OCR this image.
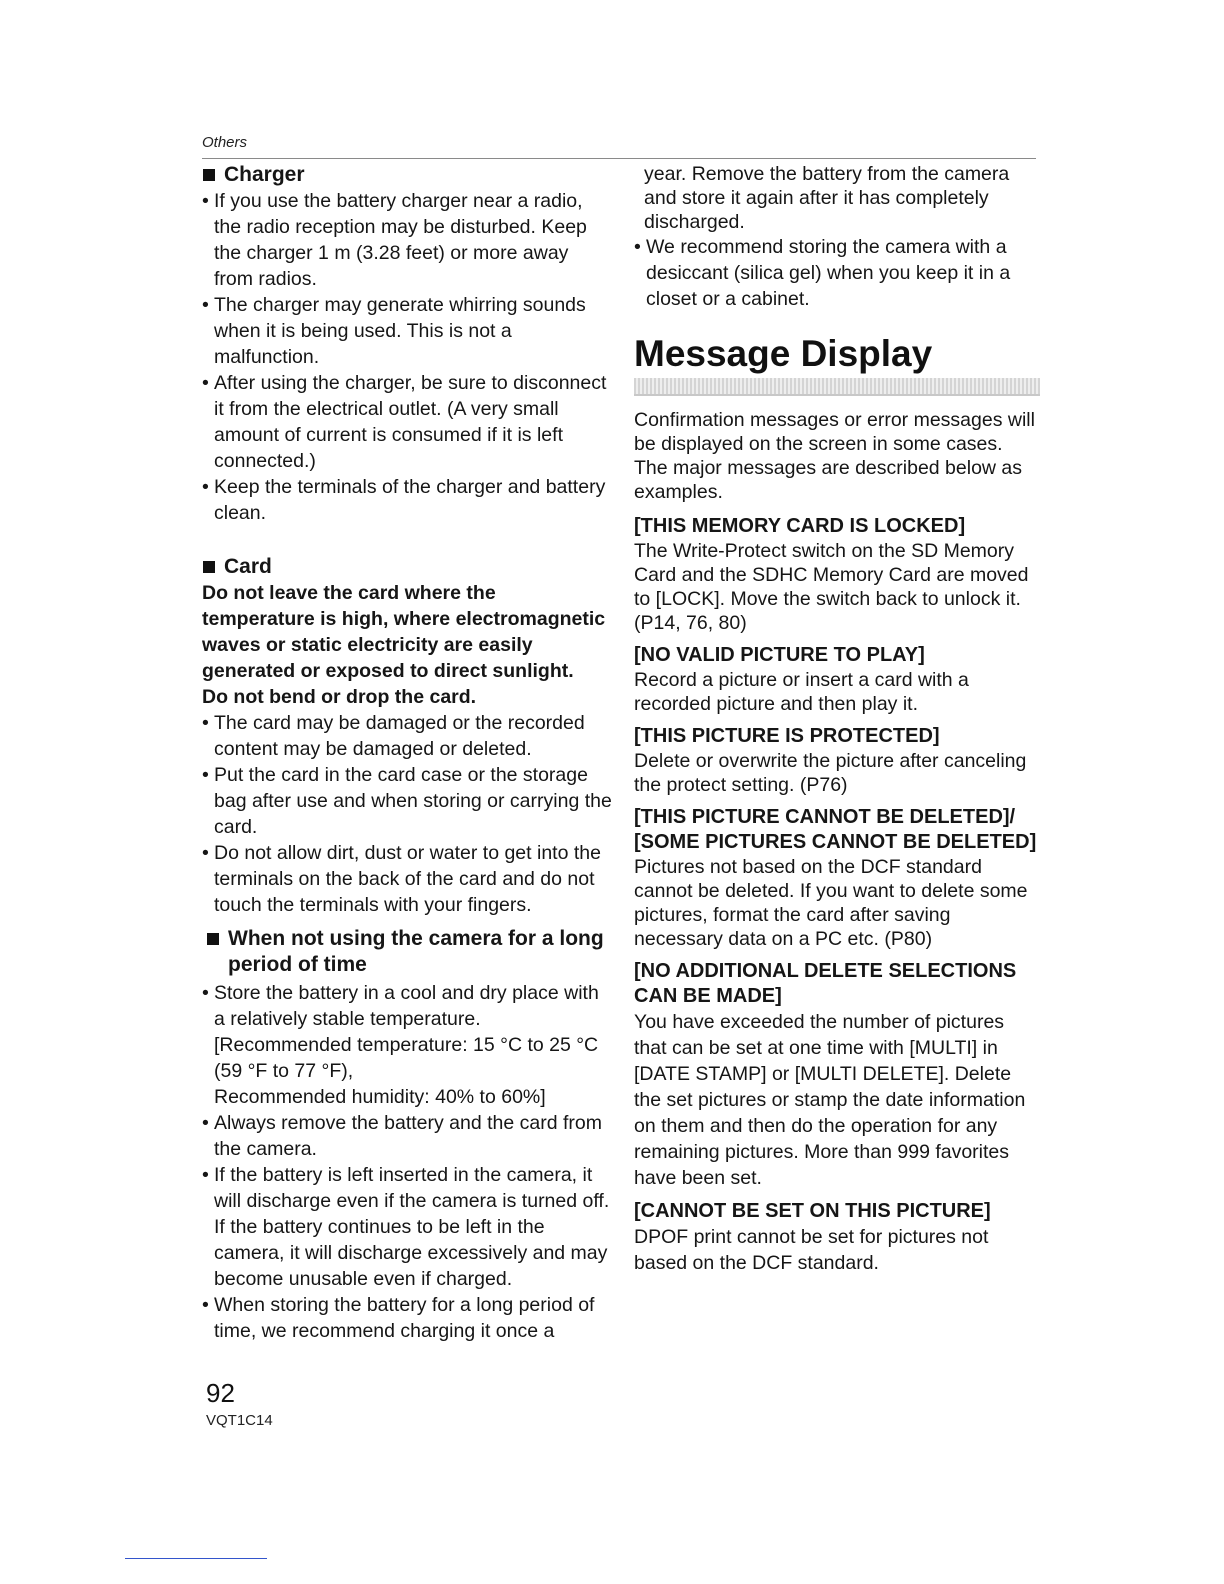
Others
Charger
• If you use the battery charger near a radio, the radio reception may be disturbed. Keep the charger 1 m (3.28 feet) or more away from radios.
• The charger may generate whirring sounds when it is being used. This is not a malfunction.
• After using the charger, be sure to disconnect it from the electrical outlet. (A very small amount of current is consumed if it is left connected.)
• Keep the terminals of the charger and battery clean.
Card

Do not leave the card where the temperature is high, where electromagnetic waves or static electricity are easily generated or exposed to direct sunlight.

Do not bend or drop the card.

• The card may be damaged or the recorded content may be damaged or deleted.
• Put the card in the card case or the storage bag after use and when storing or carrying the card.
• Do not allow dirt, dust or water to get into the terminals on the back of the card and do not touch the terminals with your fingers.
When not using the camera for a long period of time
• Store the battery in a cool and dry place with a relatively stable temperature. [Recommended temperature: 15 °C to 25 °C (59 °F to 77 °F),
Recommended humidity: 40% to 60%]
• Always remove the battery and the card from the camera.
• If the battery is left inserted in the camera, it will discharge even if the camera is turned off. If the battery continues to be left in the camera, it will discharge excessively and may become unusable even if charged.
• When storing the battery for a long period of time, we recommend charging it once a

year. Remove the battery from the camera and store it again after it has completely discharged.

• We recommend storing the camera with a desiccant (silica gel) when you keep it in a closet or a cabinet.
Message Display

Confirmation messages or error messages will be displayed on the screen in some cases.

The major messages are described below as examples.

[THIS MEMORY CARD IS LOCKED]

The Write-Protect switch on the SD Memory Card and the SDHC Memory Card are moved to [LOCK]. Move the switch back to unlock it. (P14, 76, 80)

[NO VALID PICTURE TO PLAY]

Record a picture or insert a card with a recorded picture and then play it.

[THIS PICTURE IS PROTECTED]

Delete or overwrite the picture after canceling the protect setting. (P76)

[THIS PICTURE CANNOT BE DELETED]/ [SOME PICTURES CANNOT BE DELETED]

Pictures not based on the DCF standard cannot be deleted. If you want to delete some pictures, format the card after saving necessary data on a PC etc. (P80)

[NO ADDITIONAL DELETE SELECTIONS CAN BE MADE]

You have exceeded the number of pictures that can be set at one time with [MULTI] in [DATE STAMP] or [MULTI DELETE]. Delete the set pictures or stamp the date information on them and then do the operation for any remaining pictures. More than 999 favorites have been set.

[CANNOT BE SET ON THIS PICTURE]

DPOF print cannot be set for pictures not based on the DCF standard.

92
VQT1C14
